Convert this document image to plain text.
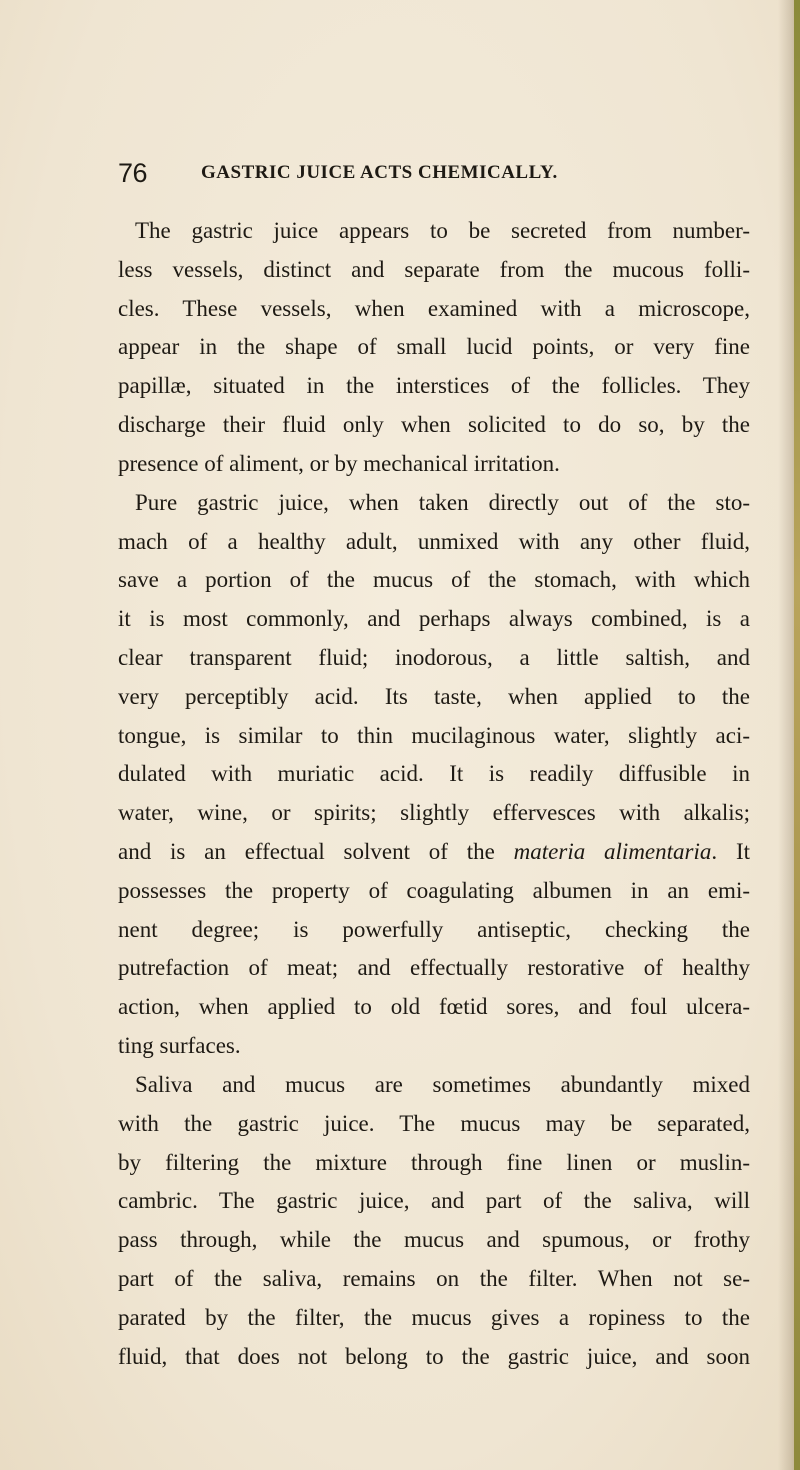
76	GASTRIC JUICE ACTS CHEMICALLY.
The gastric juice appears to be secreted from number-
less vessels, distinct and separate from the mucous folli-
cles. These vessels, when examined with a microscope,
appear in the shape of small lucid points, or very fine
papillæ, situated in the interstices of the follicles. They
discharge their fluid only when solicited to do so, by the
presence of aliment, or by mechanical irritation.
Pure gastric juice, when taken directly out of the sto-
mach of a healthy adult, unmixed with any other fluid,
save a portion of the mucus of the stomach, with which
it is most commonly, and perhaps always combined, is a
clear transparent fluid; inodorous, a little saltish, and
very perceptibly acid. Its taste, when applied to the
tongue, is similar to thin mucilaginous water, slightly aci-
dulated with muriatic acid. It is readily diffusible in
water, wine, or spirits; slightly effervesces with alkalis;
and is an effectual solvent of the materia alimentaria. It
possesses the property of coagulating albumen in an emi-
nent degree; is powerfully antiseptic, checking the
putrefaction of meat; and effectually restorative of healthy
action, when applied to old fœtid sores, and foul ulcera-
ting surfaces.
Saliva and mucus are sometimes abundantly mixed
with the gastric juice. The mucus may be separated,
by filtering the mixture through fine linen or muslin-
cambric. The gastric juice, and part of the saliva, will
pass through, while the mucus and spumous, or frothy
part of the saliva, remains on the filter. When not se-
parated by the filter, the mucus gives a ropiness to the
fluid, that does not belong to the gastric juice, and soon
